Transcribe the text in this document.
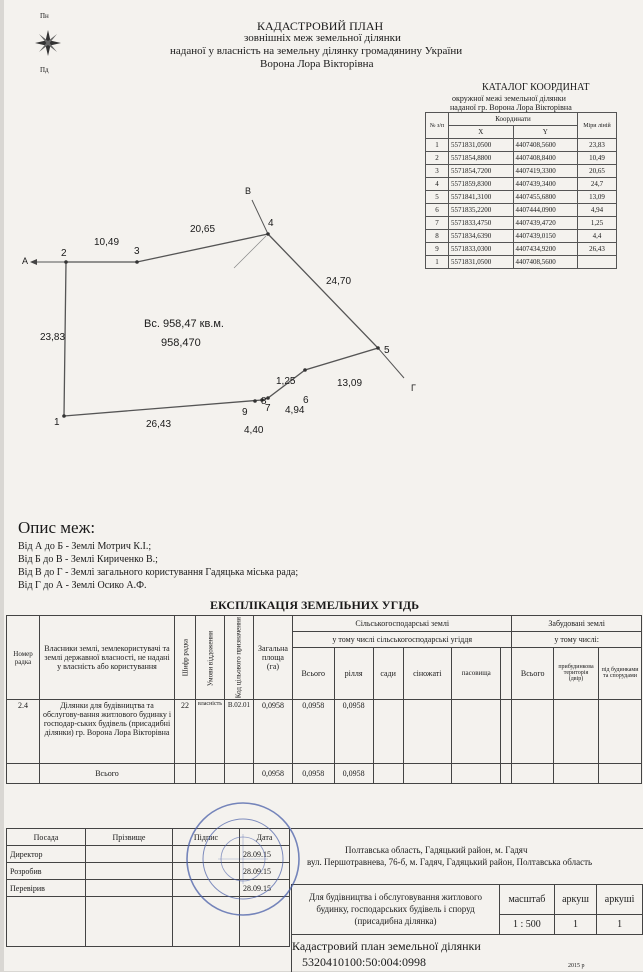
КАДАСТРОВИЙ ПЛАН
зовнішніх меж земельної ділянки
наданої у власність на земельну ділянку громадянину України
Ворона Лора Вікторівна
Пн
Пд
КАТАЛОГ КООРДИНАТ
окружної межі земельної ділянки
наданої гр. Ворона Лора Вікторівна
№ з/п	Координати		Міри ліній
	X	Y	
1	5571831,0500	4407408,5600	23,83
2	5571854,8800	4407408,8400	10,49
3	5571854,7200	4407419,3300	20,65
4	5571859,8300	4407439,3400	24,7
5	5571841,3100	4407455,6800	13,09
6	5571835,2200	4407444,0900	4,94
7	5571833,4750	4407439,4720	1,25
8	5571834,6390	4407439,0150	4,4
9	5571833,0300	4407434,9200	26,43
1	5571831,0500	4407408,5600	
1
2	3
4
5
6
7
8
9
23,83
10,49
20,65
24,70
13,09
4,94
1,25
4,40
26,43
А
В
Г
Вс. 958,47 кв.м.
958,470
Опис меж:
Від А до Б - Землі Мотрич К.І.;
Від Б до В - Землі Кириченко В.;
Від В до Г - Землі загального користування Гадяцька міська рада;
Від Г до А - Землі Осико А.Ф.
ЕКСПЛІКАЦІЯ ЗЕМЕЛЬНИХ УГІДЬ
Номер радка	Власники землі, землекористувачі та землі державної власності, не надані у власність або користування	Шифр радка	Умови віддоження	Код цільового призначення	Загальна площа (га)	Сільськогосподарські землі						Забудовані землі		
						у тому числі сільськогосподарські угіддя						у тому числі:		
						Всього	рілля	сади	сіножаті	пасовища		Всього	прибудинкова територія (двір)	під будинками та спорудами
2.4	Ділянки для будівництва та обслугову-вання житлового будинку і господар-ських будівель (присадибні ділянки) гр. Ворона Лора Вікторівна	22	власність	В.02.01	0,0958	0,0958	0,0958							
	Всього				0,0958	0,0958	0,0958							
Посада	Прізвище	Підпис	Дата
Директор			28.09.15
Розробив			28.09.15
Перевірив			28.09.15

Полтавська область, Гадяцький район, м. Гадяч
вул. Першотравнева, 76-б, м. Гадяч, Гадяцький район, Полтавська область
Для будівництва і обслуговування житлового будинку, господарських будівель і споруд (присадибна ділянка)
масштаб	аркуш	аркуші
1 : 500	1	1
Кадастровий план земельної ділянки
5320410100:50:004:0998	2015 р
